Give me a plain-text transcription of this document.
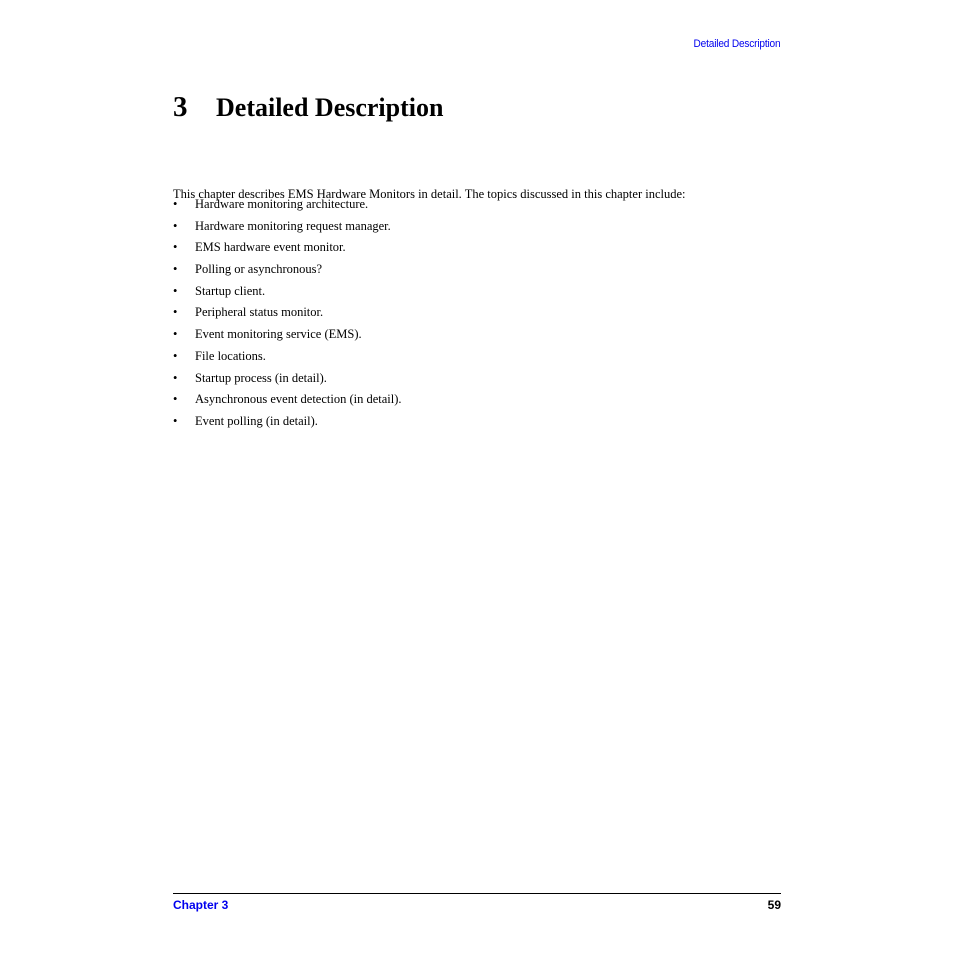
Detailed Description
3	Detailed Description

This chapter describes EMS Hardware Monitors in detail. The topics discussed in this chapter include:

•	Hardware monitoring architecture.
•	Hardware monitoring request manager.
•	EMS hardware event monitor.
•	Polling or asynchronous?
•	Startup client.
•	Peripheral status monitor.
•	Event monitoring service (EMS).
•	File locations.
•	Startup process (in detail).
•	Asynchronous event detection (in detail).
•	Event polling (in detail).
Chapter 3	59
